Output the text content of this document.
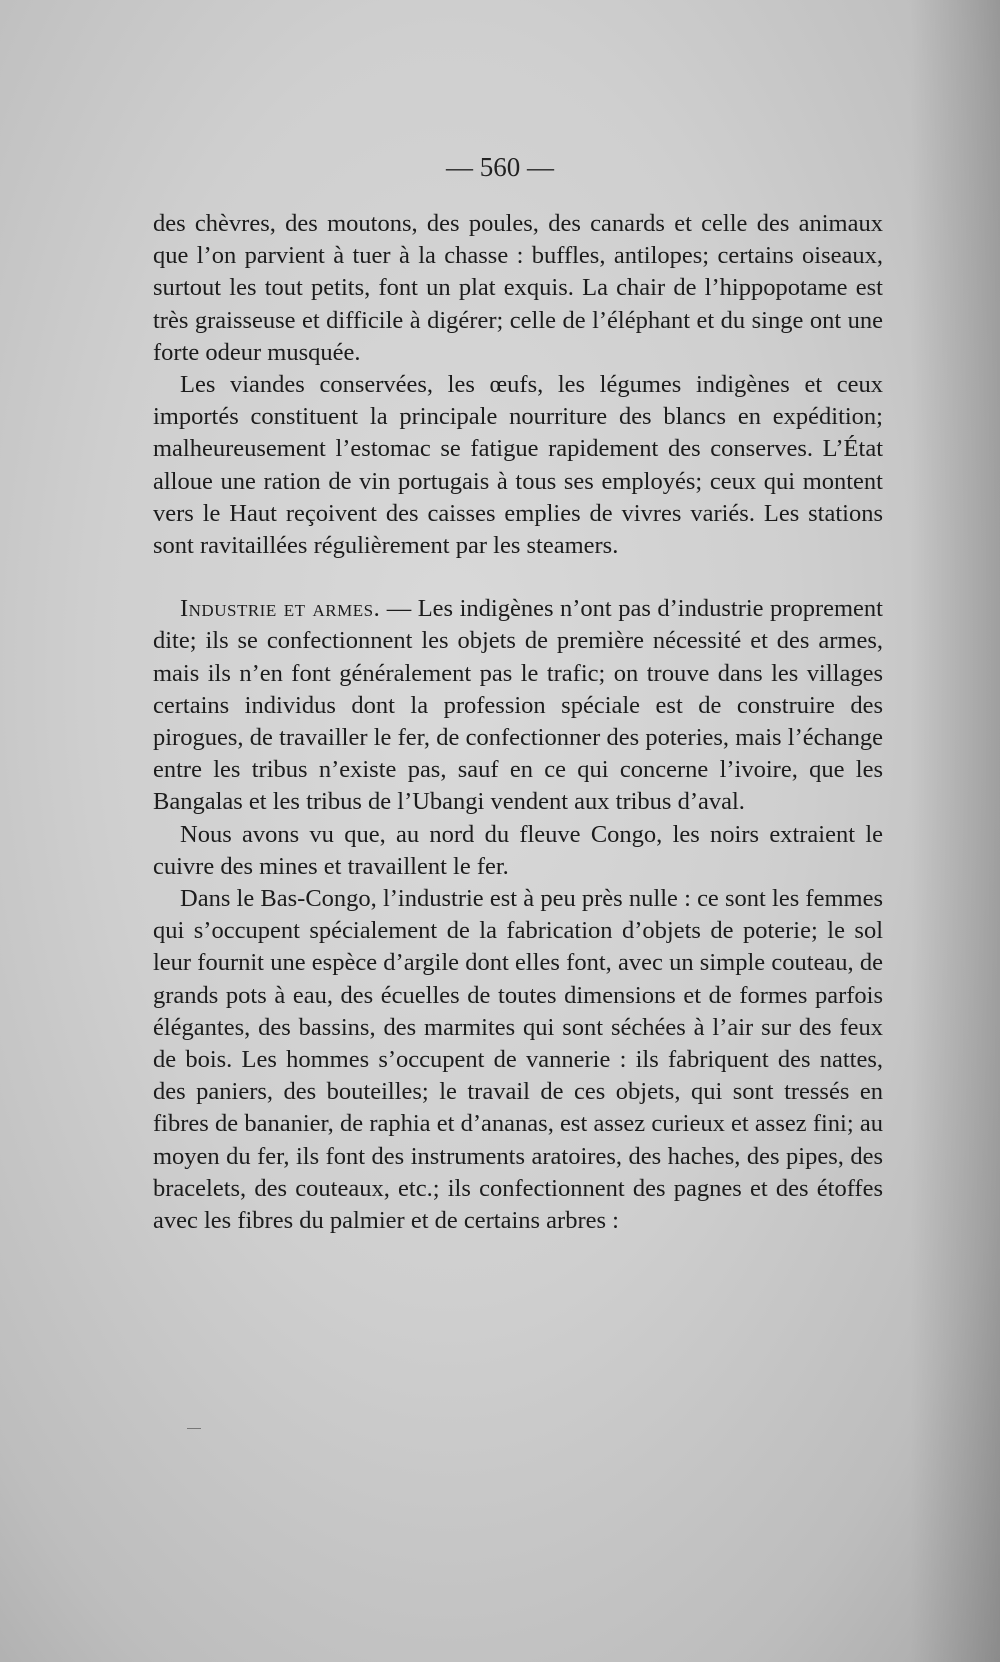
— 560 —

des chèvres, des moutons, des poules, des canards et celle des animaux que l’on parvient à tuer à la chasse : buffles, antilopes; certains oiseaux, surtout les tout petits, font un plat exquis. La chair de l’hippopotame est très graisseuse et difficile à digérer; celle de l’éléphant et du singe ont une forte odeur musquée.

Les viandes conservées, les œufs, les légumes indigènes et ceux importés constituent la principale nourriture des blancs en expédition; malheureusement l’estomac se fatigue rapidement des conserves. L’État alloue une ration de vin portugais à tous ses employés; ceux qui montent vers le Haut reçoivent des caisses emplies de vivres variés. Les stations sont ravitaillées régulièrement par les steamers.

Industrie et armes. — Les indigènes n’ont pas d’industrie proprement dite; ils se confectionnent les objets de première nécessité et des armes, mais ils n’en font généralement pas le trafic; on trouve dans les villages certains individus dont la profession spéciale est de construire des pirogues, de travailler le fer, de confectionner des poteries, mais l’échange entre les tribus n’existe pas, sauf en ce qui concerne l’ivoire, que les Bangalas et les tribus de l’Ubangi vendent aux tribus d’aval.

Nous avons vu que, au nord du fleuve Congo, les noirs extraient le cuivre des mines et travaillent le fer.

Dans le Bas-Congo, l’industrie est à peu près nulle : ce sont les femmes qui s’occupent spécialement de la fabrication d’objets de poterie; le sol leur fournit une espèce d’argile dont elles font, avec un simple couteau, de grands pots à eau, des écuelles de toutes dimensions et de formes parfois élégantes, des bassins, des marmites qui sont séchées à l’air sur des feux de bois. Les hommes s’occupent de vannerie : ils fabriquent des nattes, des paniers, des bouteilles; le travail de ces objets, qui sont tressés en fibres de bananier, de raphia et d’ananas, est assez curieux et assez fini; au moyen du fer, ils font des instruments aratoires, des haches, des pipes, des bracelets, des couteaux, etc.; ils confectionnent des pagnes et des étoffes avec les fibres du palmier et de certains arbres :
